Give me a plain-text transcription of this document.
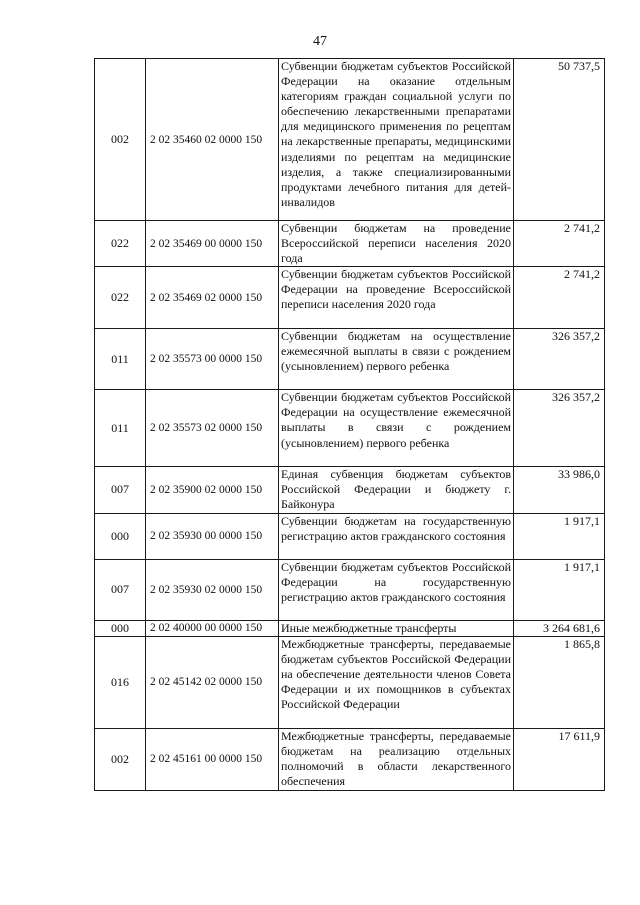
47
002	2 02 35460 02 0000 150	Субвенции бюджетам субъектов Российской Федерации на оказание отдельным категориям граждан социальной услуги по обеспечению лекарственными препаратами для медицинского применения по рецептам на лекарственные препараты, медицинскими изделиями по рецептам на медицинские изделия, а также специализированными продуктами лечебного питания для детей-инвалидов	50 737,5
022	2 02 35469 00 0000 150	Субвенции бюджетам на проведение Всероссийской переписи населения 2020 года	2 741,2
022	2 02 35469 02 0000 150	Субвенции бюджетам субъектов Российской Федерации на проведение Всероссийской переписи населения 2020 года	2 741,2
011	2 02 35573 00 0000 150	Субвенции бюджетам на осуществление ежемесячной выплаты в связи с рождением (усыновлением) первого ребенка	326 357,2
011	2 02 35573 02 0000 150	Субвенции бюджетам субъектов Российской Федерации на осуществление ежемесячной выплаты в связи с рождением (усыновлением) первого ребенка	326 357,2
007	2 02 35900 02 0000 150	Единая субвенция бюджетам субъектов Российской Федерации и бюджету г. Байконура	33 986,0
000	2 02 35930 00 0000 150	Субвенции бюджетам на государственную регистрацию актов гражданского состояния	1 917,1
007	2 02 35930 02 0000 150	Субвенции бюджетам субъектов Российской Федерации на государственную регистрацию актов гражданского состояния	1 917,1
000	2 02 40000 00 0000 150	Иные межбюджетные трансферты	3 264 681,6
016	2 02 45142 02 0000 150	Межбюджетные трансферты, передаваемые бюджетам субъектов Российской Федерации на обеспечение деятельности членов Совета Федерации и их помощников в субъектах Российской Федерации	1 865,8
002	2 02 45161 00 0000 150	Межбюджетные трансферты, передаваемые бюджетам на реализацию отдельных полномочий в области лекарственного обеспечения	17 611,9
